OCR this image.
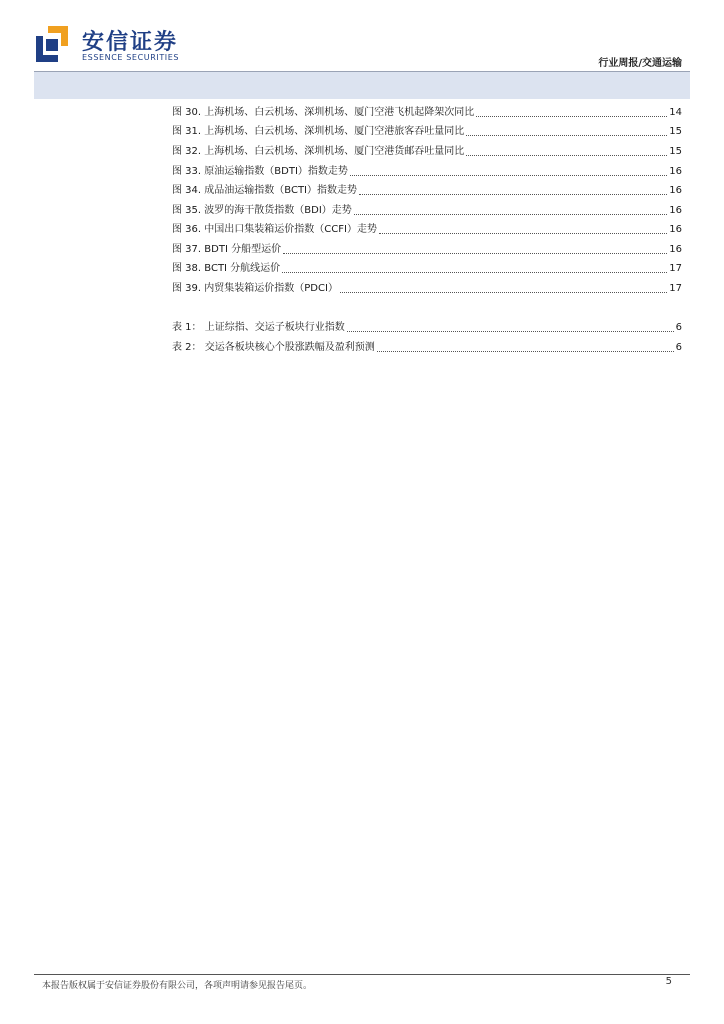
安信证券
ESSENCE SECURITIES
行业周报/交通运输
图 30. 上海机场、白云机场、深圳机场、厦门空港飞机起降架次同比	14
图 31. 上海机场、白云机场、深圳机场、厦门空港旅客吞吐量同比	15
图 32. 上海机场、白云机场、深圳机场、厦门空港货邮吞吐量同比	15
图 33. 原油运输指数（BDTI）指数走势	16
图 34. 成品油运输指数（BCTI）指数走势	16
图 35. 波罗的海干散货指数（BDI）走势	16
图 36. 中国出口集装箱运价指数（CCFI）走势	16
图 37. BDTI 分船型运价	16
图 38. BCTI 分航线运价	17
图 39. 内贸集装箱运价指数（PDCI）	17
表 1： 上证综指、交运子板块行业指数	6
表 2： 交运各板块核心个股涨跌幅及盈利预测	6
本报告版权属于安信证券股份有限公司，各项声明请参见报告尾页。	5
